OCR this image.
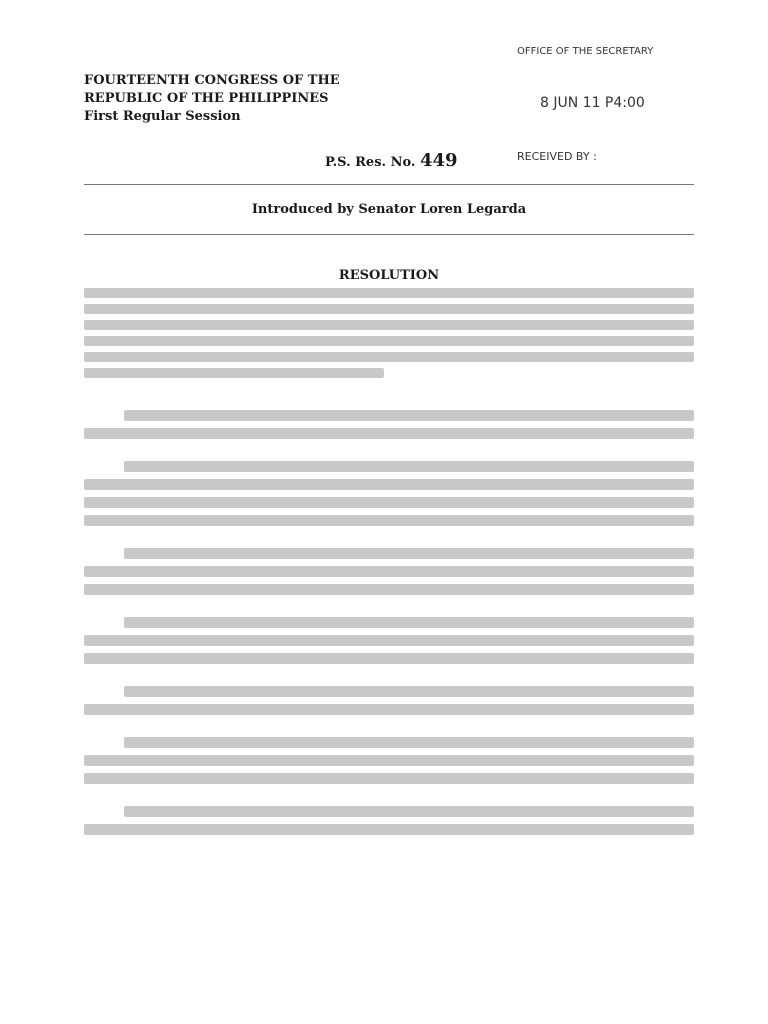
FOURTEENTH CONGRESS OF THE
REPUBLIC OF THE PHILIPPINES
First Regular Session
OFFICE OF THE SECRETARY
8 JUN 11 P4:00
RECEIVED BY :
P.S. Res. No. 449
Introduced by Senator Loren Legarda
RESOLUTION
